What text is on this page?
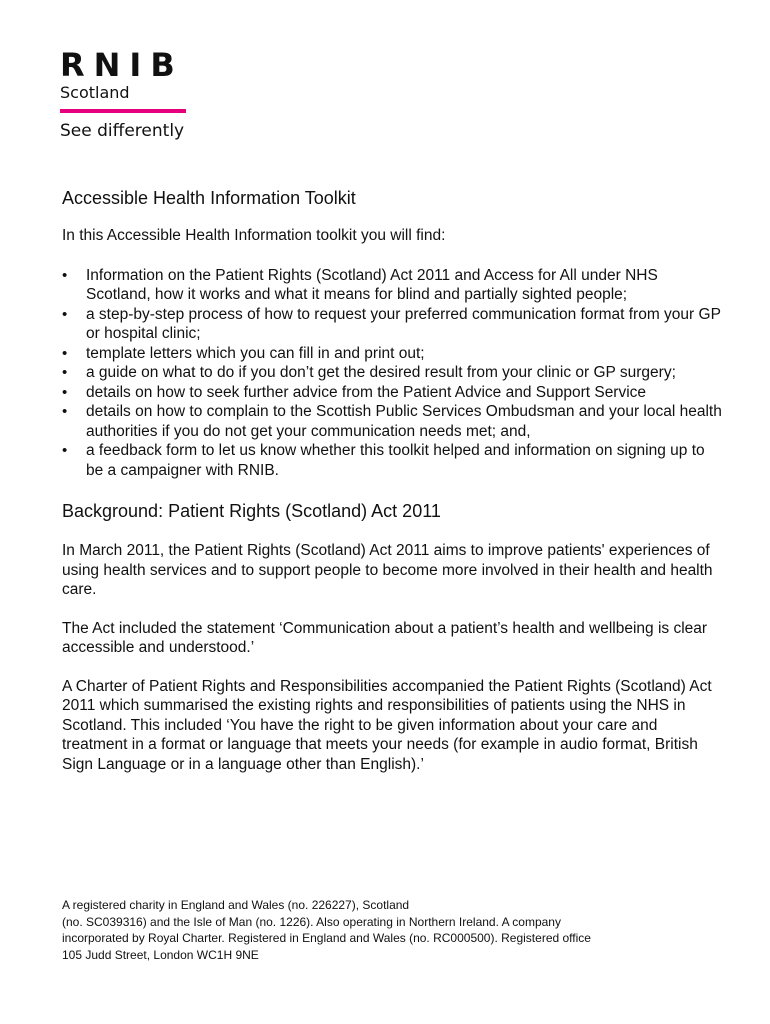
RNIB
Scotland
See differently
Accessible Health Information Toolkit

In this Accessible Health Information toolkit you will find:

• Information on the Patient Rights (Scotland) Act 2011 and Access for All under NHS Scotland, how it works and what it means for blind and partially sighted people;
• a step-by-step process of how to request your preferred communication format from your GP or hospital clinic;
• template letters which you can fill in and print out;
• a guide on what to do if you don’t get the desired result from your clinic or GP surgery;
• details on how to seek further advice from the Patient Advice and Support Service
• details on how to complain to the Scottish Public Services Ombudsman and your local health authorities if you do not get your communication needs met; and,
• a feedback form to let us know whether this toolkit helped and information on signing up to be a campaigner with RNIB.
Background: Patient Rights (Scotland) Act 2011

In March 2011, the Patient Rights (Scotland) Act 2011 aims to improve patients' experiences of using health services and to support people to become more involved in their health and health care.

The Act included the statement ‘Communication about a patient’s health and wellbeing is clear accessible and understood.’

A Charter of Patient Rights and Responsibilities accompanied the Patient Rights (Scotland) Act 2011 which summarised the existing rights and responsibilities of patients using the NHS in Scotland. This included ‘You have the right to be given information about your care and treatment in a format or language that meets your needs (for example in audio format, British Sign Language or in a language other than English).’

A registered charity in England and Wales (no. 226227), Scotland
(no. SC039316) and the Isle of Man (no. 1226). Also operating in Northern Ireland. A company
incorporated by Royal Charter. Registered in England and Wales (no. RC000500). Registered office
105 Judd Street, London WC1H 9NE
